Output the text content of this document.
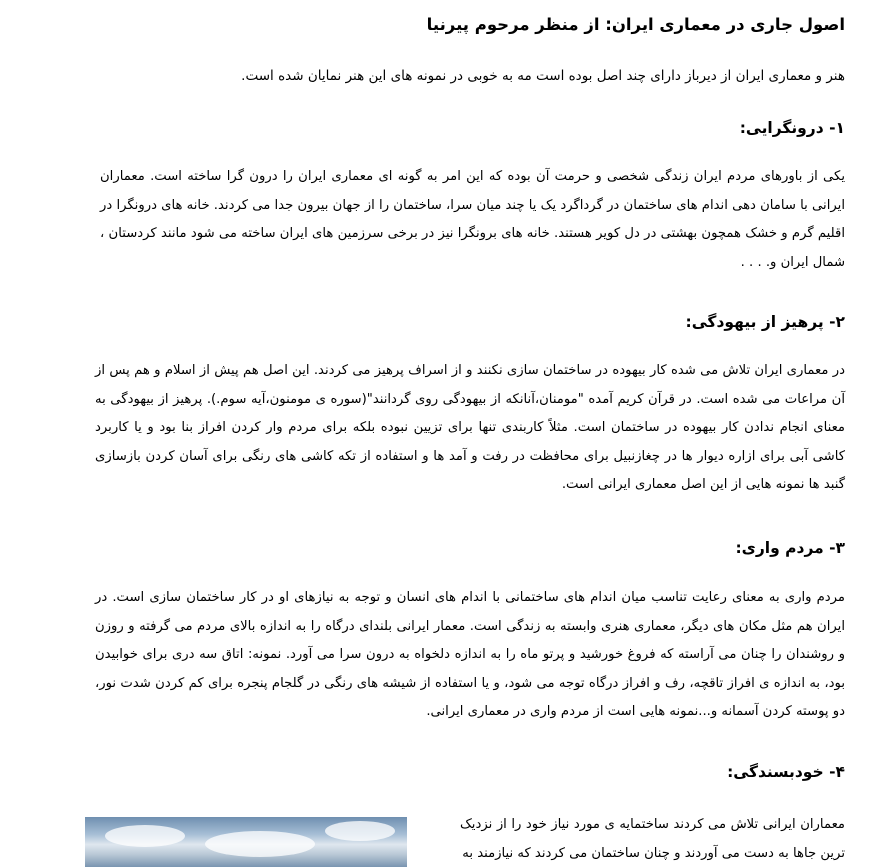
اصول جاری در معماری ایران: از منظر مرحوم پیرنیا
هنر و معماری ایران از دیرباز دارای چند اصل بوده است مه به خوبی در نمونه های این هنر نمایان شده است.
۱- درونگرایی:
یکی از باورهای مردم ایران زندگی شخصی و حرمت آن بوده که این امر به گونه ای معماری ایران را درون گرا ساخته است. معماران ایرانی با سامان دهی اندام های ساختمان در گرداگرد یک یا چند میان سرا، ساختمان را از جهان بیرون جدا می کردند. خانه های درونگرا در اقلیم گرم و خشک همچون بهشتی در دل کویر هستند. خانه های برونگرا نیز در برخی سرزمین های ایران ساخته می شود مانند کردستان ، شمال ایران و. . . .
۲- پرهیز از بیهودگی:
در معماری ایران تلاش می شده کار بیهوده در ساختمان سازی نکنند و از اسراف پرهیز می کردند. این اصل هم پیش از اسلام و هم پس از آن مراعات می شده است. در قرآن کریم آمده "مومنان،آنانکه از بیهودگی روی گردانند"(سوره ی مومنون،آیه سوم.). پرهیز از بیهودگی به معنای انجام ندادن کار بیهوده در ساختمان است. مثلاً کاربندی تنها برای تزیین نبوده بلکه برای مردم وار کردن افراز بنا بود و یا کاربرد کاشی آبی برای ازاره دیوار ها در چغازنبیل برای محافظت در رفت و آمد ها و استفاده از تکه کاشی های رنگی برای آسان کردن بازسازی گنبد ها نمونه هایی از این اصل معماری ایرانی است.
۳- مردم واری:
مردم واری به معنای رعایت تناسب میان اندام های ساختمانی با اندام های انسان و توجه به نیازهای او در کار ساختمان سازی است. در ایران هم مثل مکان های دیگر، معماری هنری وابسته به زندگی است. معمار ایرانی بلندای درگاه را به اندازه بالای مردم می گرفته و روزن و روشندان را چنان می آراسته که فروغ خورشید و پرتو ماه را به اندازه دلخواه به درون سرا می آورد. نمونه: اتاق سه دری برای خوابیدن بود، به اندازه ی افراز تاقچه، رف و افراز درگاه توجه می شود، و یا استفاده از شیشه های رنگی در گلجام پنجره برای کم کردن شدت نور، دو پوسته کردن آسمانه و...نمونه هایی است از مردم واری در معماری ایرانی.
۴- خودبسندگی:
معماران ایرانی تلاش می کردند ساختمایه ی مورد نیاز خود را از نزدیک ترین جاها به دست می آوردند و چنان ساختمان می کردند که نیازمند به
